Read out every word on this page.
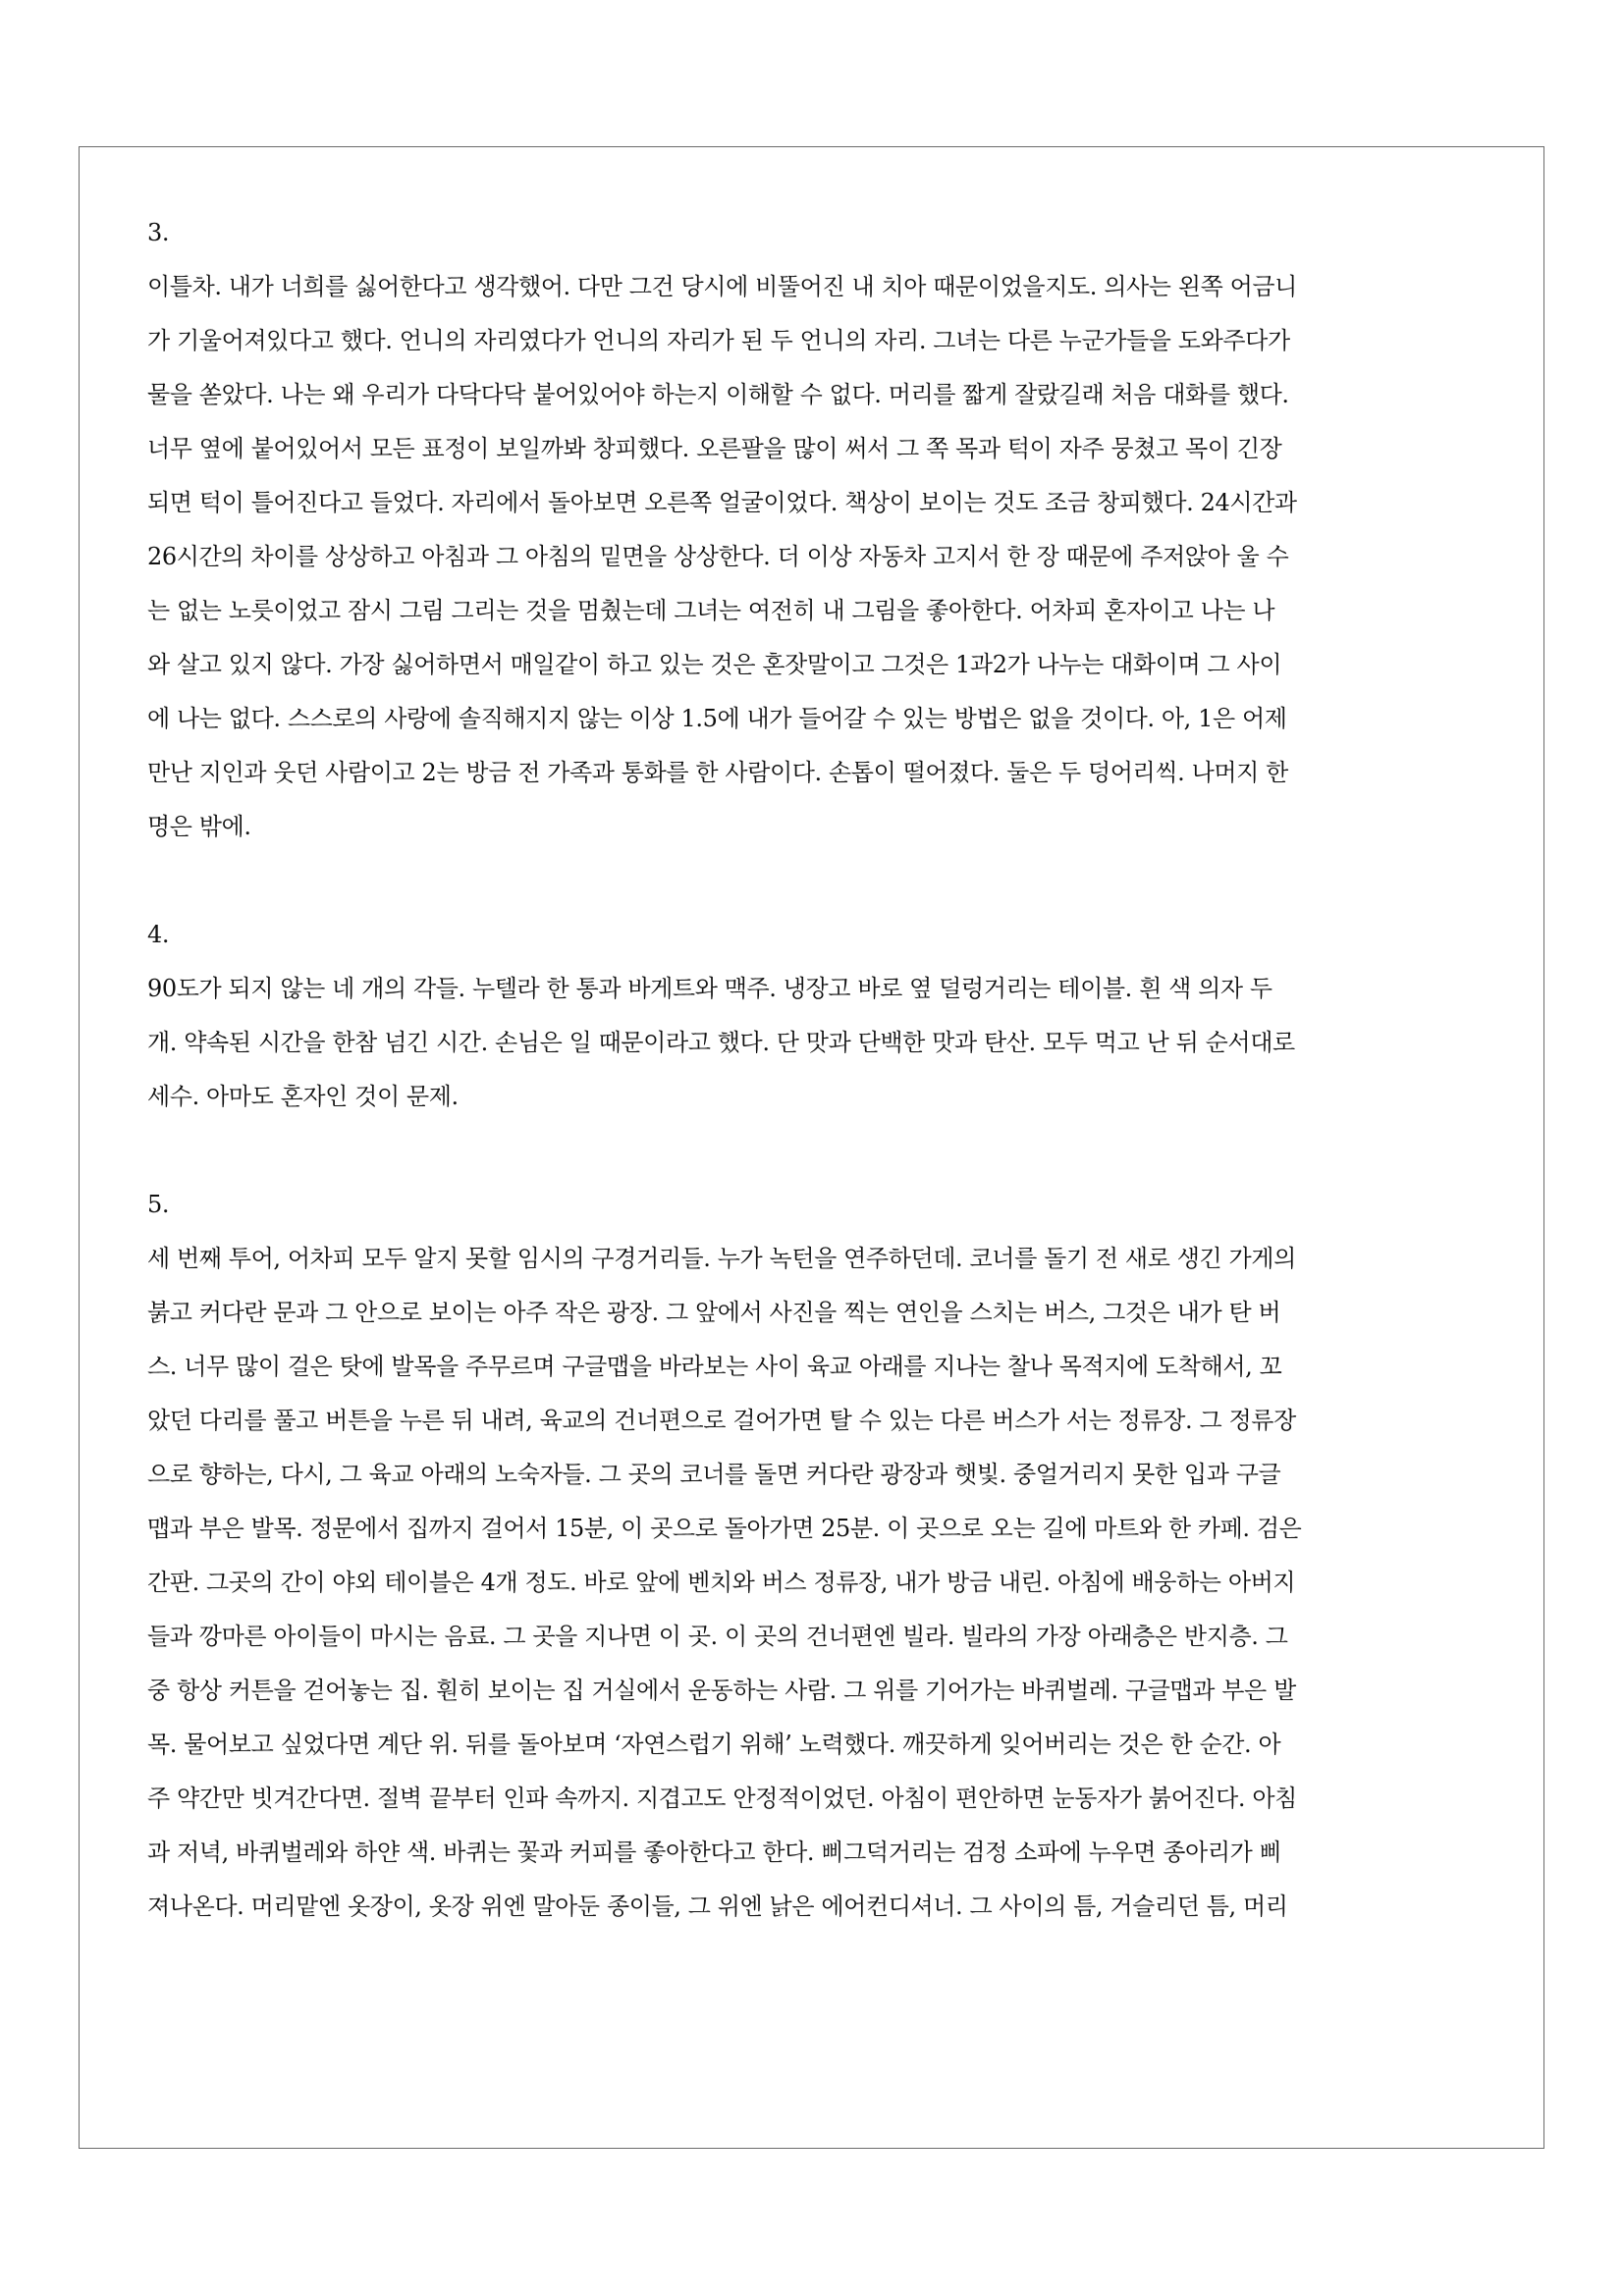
3.
이틀차. 내가 너희를 싫어한다고 생각했어. 다만 그건 당시에 비뚤어진 내 치아 때문이었을지도. 의사는 왼쪽 어금니
가 기울어져있다고 했다. 언니의 자리였다가 언니의 자리가 된 두 언니의 자리. 그녀는 다른 누군가들을 도와주다가
물을 쏟았다. 나는 왜 우리가 다닥다닥 붙어있어야 하는지 이해할 수 없다. 머리를 짧게 잘랐길래 처음 대화를 했다.
너무 옆에 붙어있어서 모든 표정이 보일까봐 창피했다. 오른팔을 많이 써서 그 쪽 목과 턱이 자주 뭉쳤고 목이 긴장
되면 턱이 틀어진다고 들었다. 자리에서 돌아보면 오른쪽 얼굴이었다. 책상이 보이는 것도 조금 창피했다. 24시간과
26시간의 차이를 상상하고 아침과 그 아침의 밑면을 상상한다. 더 이상 자동차 고지서 한 장 때문에 주저앉아 울 수
는 없는 노릇이었고 잠시 그림 그리는 것을 멈췄는데 그녀는 여전히 내 그림을 좋아한다. 어차피 혼자이고 나는 나
와 살고 있지 않다. 가장 싫어하면서 매일같이 하고 있는 것은 혼잣말이고 그것은 1과2가 나누는 대화이며 그 사이
에 나는 없다. 스스로의 사랑에 솔직해지지 않는 이상 1.5에 내가 들어갈 수 있는 방법은 없을 것이다. 아, 1은 어제
만난 지인과 웃던 사람이고 2는 방금 전 가족과 통화를 한 사람이다. 손톱이 떨어졌다. 둘은 두 덩어리씩. 나머지 한
명은 밖에.
4.
90도가 되지 않는 네 개의 각들. 누텔라 한 통과 바게트와 맥주. 냉장고 바로 옆 덜렁거리는 테이블. 흰 색 의자 두
개. 약속된 시간을 한참 넘긴 시간. 손님은 일 때문이라고 했다. 단 맛과 단백한 맛과 탄산. 모두 먹고 난 뒤 순서대로
세수. 아마도 혼자인 것이 문제.
5.
세 번째 투어, 어차피 모두 알지 못할 임시의 구경거리들. 누가 녹턴을 연주하던데. 코너를 돌기 전 새로 생긴 가게의
붉고 커다란 문과 그 안으로 보이는 아주 작은 광장. 그 앞에서 사진을 찍는 연인을 스치는 버스, 그것은 내가 탄 버
스. 너무 많이 걸은 탓에 발목을 주무르며 구글맵을 바라보는 사이 육교 아래를 지나는 찰나 목적지에 도착해서, 꼬
았던 다리를 풀고 버튼을 누른 뒤 내려, 육교의 건너편으로 걸어가면 탈 수 있는 다른 버스가 서는 정류장. 그 정류장
으로 향하는, 다시, 그 육교 아래의 노숙자들. 그 곳의 코너를 돌면 커다란 광장과 햇빛. 중얼거리지 못한 입과 구글
맵과 부은 발목. 정문에서 집까지 걸어서 15분, 이 곳으로 돌아가면 25분. 이 곳으로 오는 길에 마트와 한 카페. 검은
간판. 그곳의 간이 야외 테이블은 4개 정도. 바로 앞에 벤치와 버스 정류장, 내가 방금 내린. 아침에 배웅하는 아버지
들과 깡마른 아이들이 마시는 음료. 그 곳을 지나면 이 곳. 이 곳의 건너편엔 빌라. 빌라의 가장 아래층은 반지층. 그
중 항상 커튼을 걷어놓는 집. 훤히 보이는 집 거실에서 운동하는 사람. 그 위를 기어가는 바퀴벌레. 구글맵과 부은 발
목. 물어보고 싶었다면 계단 위. 뒤를 돌아보며 ‘자연스럽기 위해’ 노력했다. 깨끗하게 잊어버리는 것은 한 순간. 아
주 약간만 빗겨간다면. 절벽 끝부터 인파 속까지. 지겹고도 안정적이었던. 아침이 편안하면 눈동자가 붉어진다. 아침
과 저녁, 바퀴벌레와 하얀 색. 바퀴는 꽃과 커피를 좋아한다고 한다. 삐그덕거리는 검정 소파에 누우면 종아리가 삐
져나온다. 머리맡엔 옷장이, 옷장 위엔 말아둔 종이들, 그 위엔 낡은 에어컨디셔너. 그 사이의 틈, 거슬리던 틈, 머리
